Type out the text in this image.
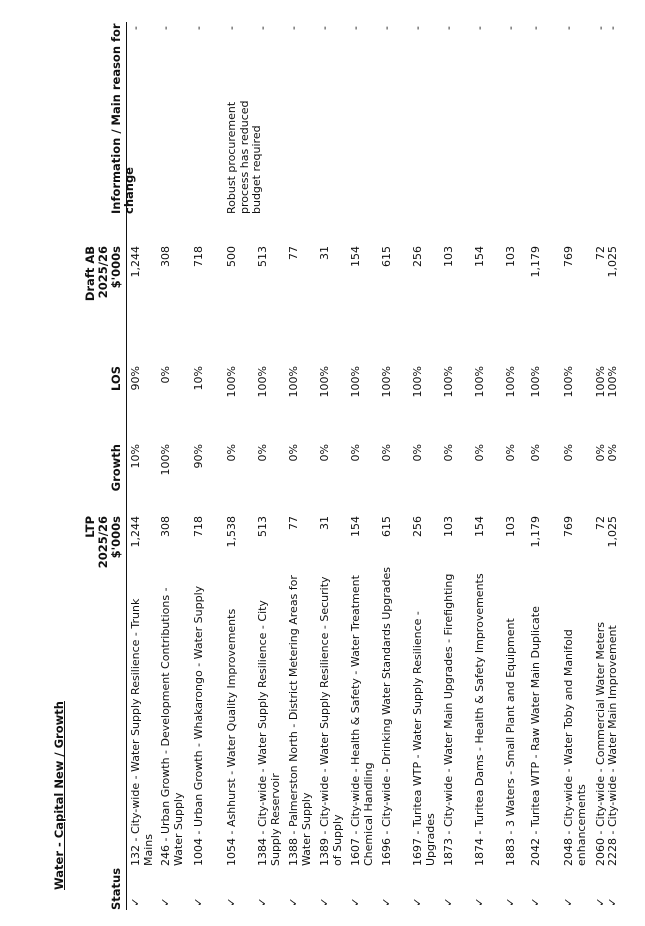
Water - Capital New / Growth	Status
LTP 2025/26 $'000s
Growth
LOS
Draft AB 2025/26 $'000s
Information / Main reason for change
✓
132 - City-wide - Water Supply Resilience - Trunk Mains
1,244
10%
90%
1,244
-
✓
246 - Urban Growth - Development Contributions - Water Supply
308
100%
0%
308
-
✓
1004 - Urban Growth - Whakarongo - Water Supply
718
90%
10%
718
-
✓
1054 - Ashhurst - Water Quality Improvements
1,538
0%
100%
500
Robust procurement process has reduced budget required
-
✓
1384 - City-wide - Water Supply Resilience - City Supply Reservoir
513
0%
100%
513
-
✓
1388 - Palmerston North - District Metering Areas for Water Supply
77
0%
100%
77
-
✓
1389 - City-wide - Water Supply Resilience - Security of Supply
31
0%
100%
31
-
✓
1607 - City-wide - Health & Safety - Water Treatment Chemical Handling
154
0%
100%
154
-
✓
1696 - City-wide - Drinking Water Standards Upgrades
615
0%
100%
615
-
✓
1697 - Turitea WTP - Water Supply Resilience - Upgrades
256
0%
100%
256
-
✓
1873 - City-wide - Water Main Upgrades - Firefighting
103
0%
100%
103
-
✓
1874 - Turitea Dams - Health & Safety Improvements
154
0%
100%
154
-
✓
1883 - 3 Waters - Small Plant and Equipment
103
0%
100%
103
-
✓
2042 - Turitea WTP - Raw Water Main Duplicate
1,179
0%
100%
1,179
-
✓
2048 - City-wide - Water Toby and Manifold enhancements
769
0%
100%
769
-
✓
2060 - City-wide - Commercial Water Meters
72
0%
100%
72
-
✓
2228 - City-wide - Water Main Improvement
1,025
0%
100%
1,025
-
